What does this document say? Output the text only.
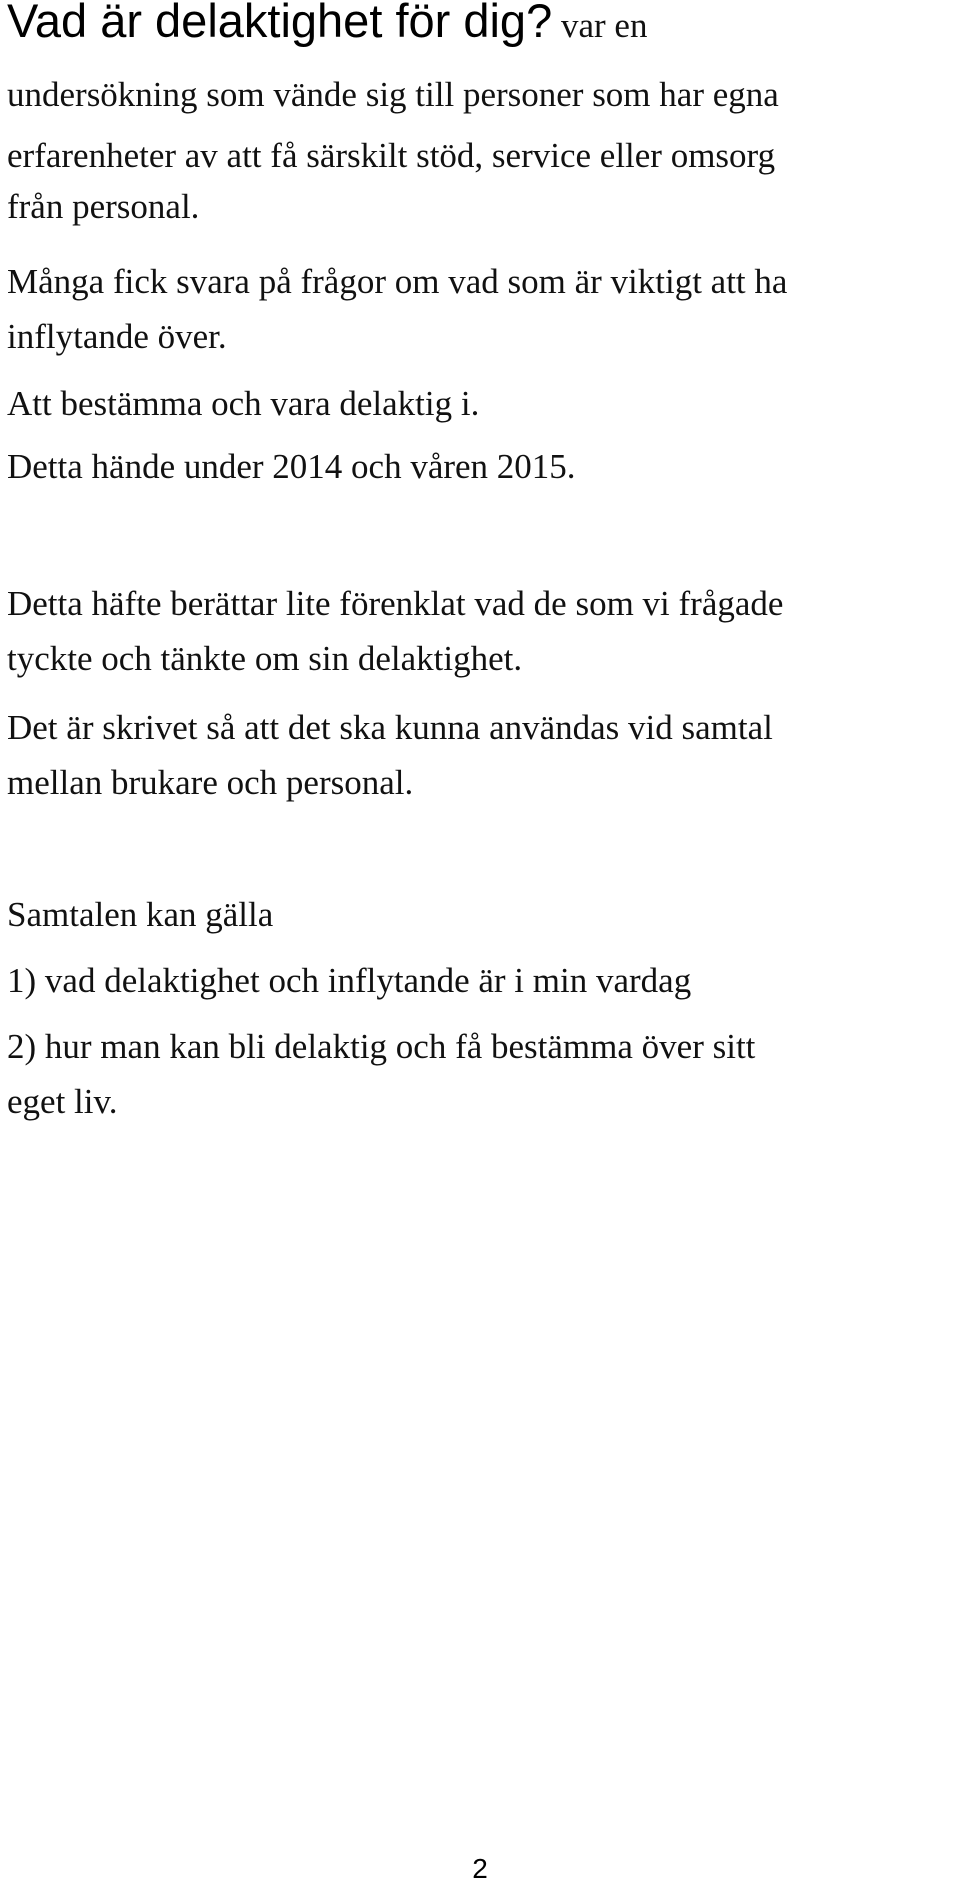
Vad är delaktighet för dig? var en
undersökning som vände sig till personer som har egna
erfarenheter av att få särskilt stöd, service eller omsorg
från personal.
Många fick svara på frågor om vad som är viktigt att ha
inflytande över.
Att bestämma och vara delaktig i.
Detta hände under 2014 och våren 2015.
Detta häfte berättar lite förenklat vad de som vi frågade
tyckte och tänkte om sin delaktighet.
Det är skrivet så att det ska kunna användas vid samtal
mellan brukare och personal.
Samtalen kan gälla
1) vad delaktighet och inflytande är i min vardag
2) hur man kan bli delaktig och få bestämma över sitt
eget liv.
2
